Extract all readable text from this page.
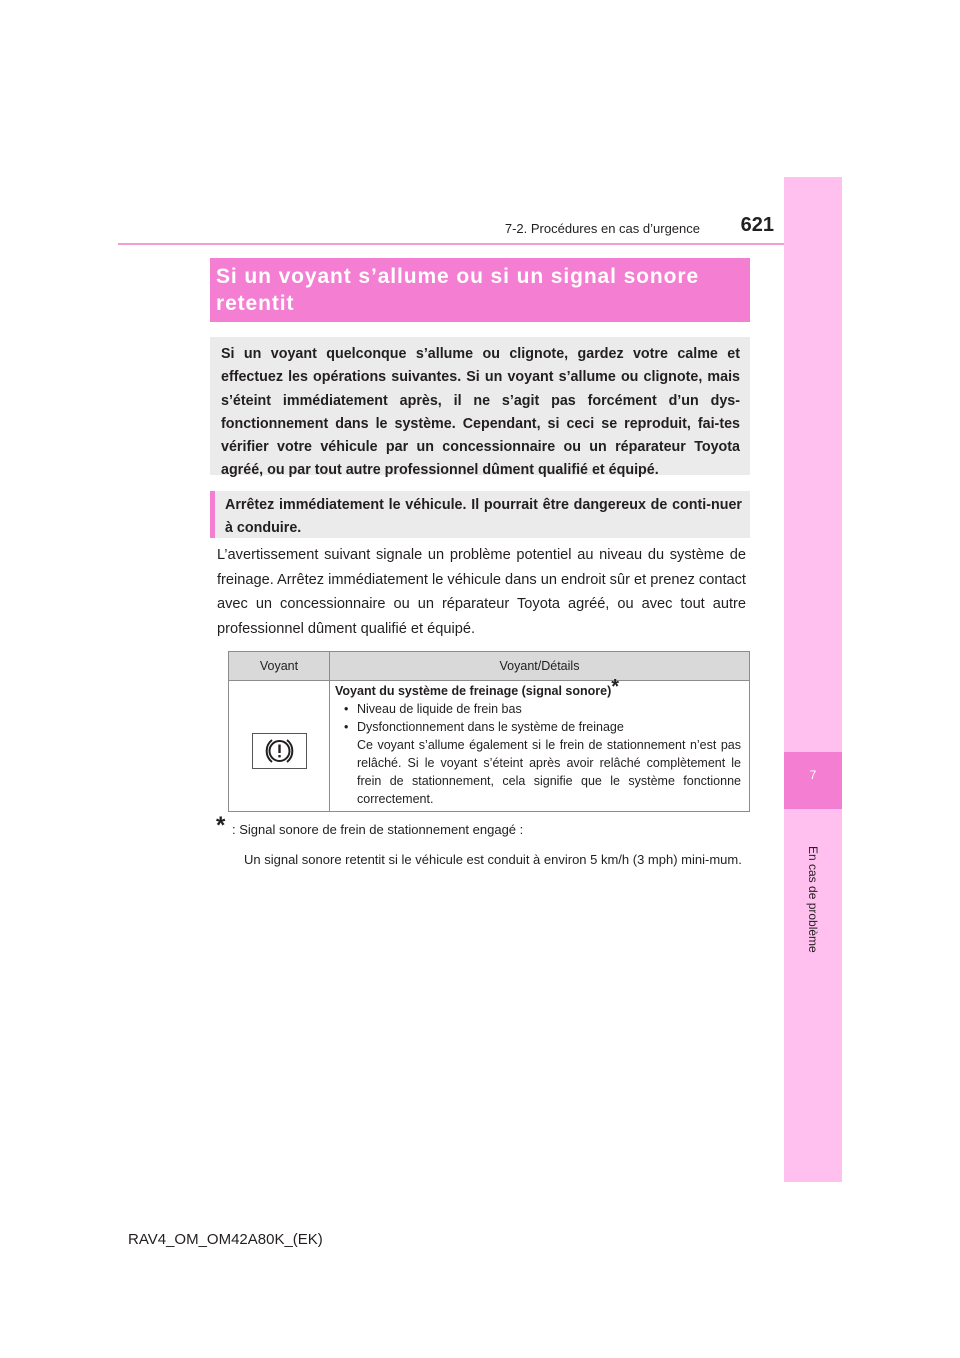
7-2. Procédures en cas d’urgence	621
7
En cas de problème
Si un voyant s’allume ou si un signal sonore
retentit
Si un voyant quelconque s’allume ou clignote, gardez votre calme et effectuez les opérations suivantes. Si un voyant s’allume ou clignote, mais s’éteint immédiatement après, il ne s’agit pas forcément d’un dys-fonctionnement dans le système. Cependant, si ceci se reproduit, fai-tes vérifier votre véhicule par un concessionnaire ou un réparateur Toyota agréé, ou par tout autre professionnel dûment qualifié et équipé.
Arrêtez immédiatement le véhicule. Il pourrait être dangereux de conti-nuer à conduire.
L’avertissement suivant signale un problème potentiel au niveau du système de freinage. Arrêtez immédiatement le véhicule dans un endroit sûr et prenez contact avec un concessionnaire ou un réparateur Toyota agréé, ou avec tout autre professionnel dûment qualifié et équipé.
Voyant	Voyant/Détails
Voyant du système de freinage (signal sonore)*
• Niveau de liquide de frein bas
• Dysfonctionnement dans le système de freinage
Ce voyant s’allume également si le frein de stationnement n’est pas relâché. Si le voyant s’éteint après avoir relâché complètement le frein de stationnement, cela signifie que le système fonctionne correctement.
* : Signal sonore de frein de stationnement engagé :
Un signal sonore retentit si le véhicule est conduit à environ 5 km/h (3 mph) mini-mum.
RAV4_OM_OM42A80K_(EK)
